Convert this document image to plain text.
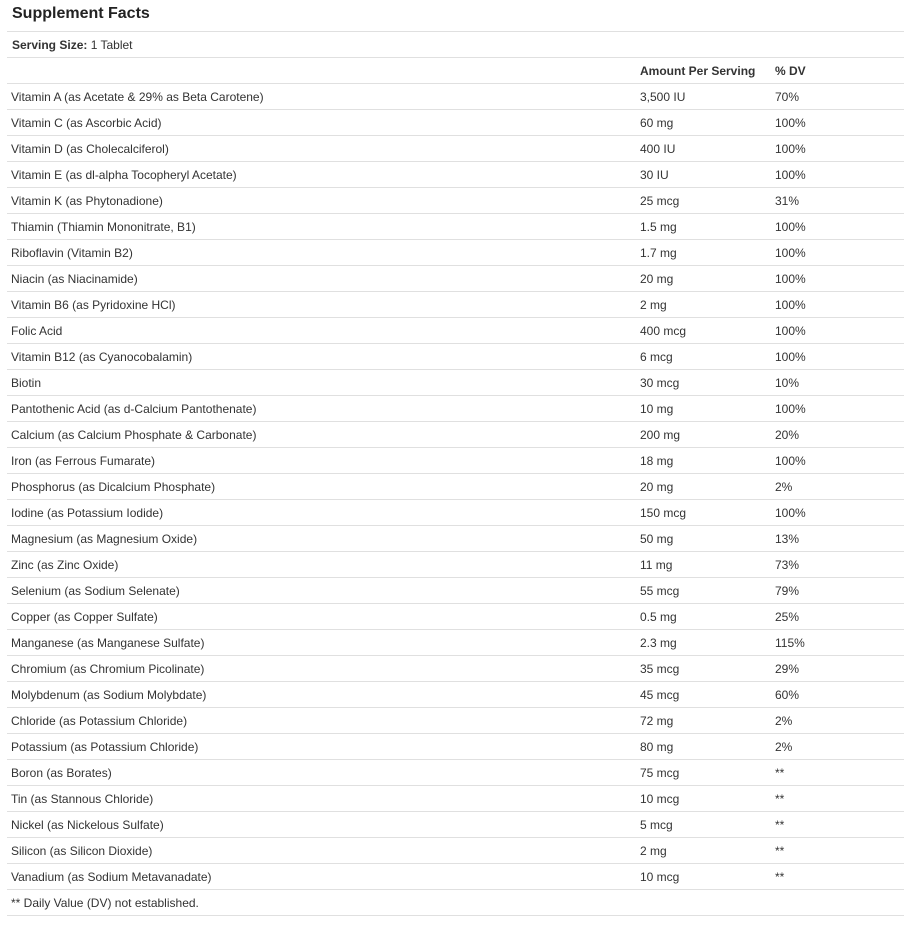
Supplement Facts
Serving Size: 1 Tablet
	Amount Per Serving	% DV
Vitamin A (as Acetate & 29% as Beta Carotene)	3,500 IU	70%
Vitamin C (as Ascorbic Acid)	60 mg	100%
Vitamin D (as Cholecalciferol)	400 IU	100%
Vitamin E (as dl-alpha Tocopheryl Acetate)	30 IU	100%
Vitamin K (as Phytonadione)	25 mcg	31%
Thiamin (Thiamin Mononitrate, B1)	1.5 mg	100%
Riboflavin (Vitamin B2)	1.7 mg	100%
Niacin (as Niacinamide)	20 mg	100%
Vitamin B6 (as Pyridoxine HCl)	2 mg	100%
Folic Acid	400 mcg	100%
Vitamin B12 (as Cyanocobalamin)	6 mcg	100%
Biotin	30 mcg	10%
Pantothenic Acid (as d-Calcium Pantothenate)	10 mg	100%
Calcium (as Calcium Phosphate & Carbonate)	200 mg	20%
Iron (as Ferrous Fumarate)	18 mg	100%
Phosphorus (as Dicalcium Phosphate)	20 mg	2%
Iodine (as Potassium Iodide)	150 mcg	100%
Magnesium (as Magnesium Oxide)	50 mg	13%
Zinc (as Zinc Oxide)	11 mg	73%
Selenium (as Sodium Selenate)	55 mcg	79%
Copper (as Copper Sulfate)	0.5 mg	25%
Manganese (as Manganese Sulfate)	2.3 mg	115%
Chromium (as Chromium Picolinate)	35 mcg	29%
Molybdenum (as Sodium Molybdate)	45 mcg	60%
Chloride (as Potassium Chloride)	72 mg	2%
Potassium (as Potassium Chloride)	80 mg	2%
Boron (as Borates)	75 mcg	**
Tin (as Stannous Chloride)	10 mcg	**
Nickel (as Nickelous Sulfate)	5 mcg	**
Silicon (as Silicon Dioxide)	2 mg	**
Vanadium (as Sodium Metavanadate)	10 mcg	**
** Daily Value (DV) not established.		
